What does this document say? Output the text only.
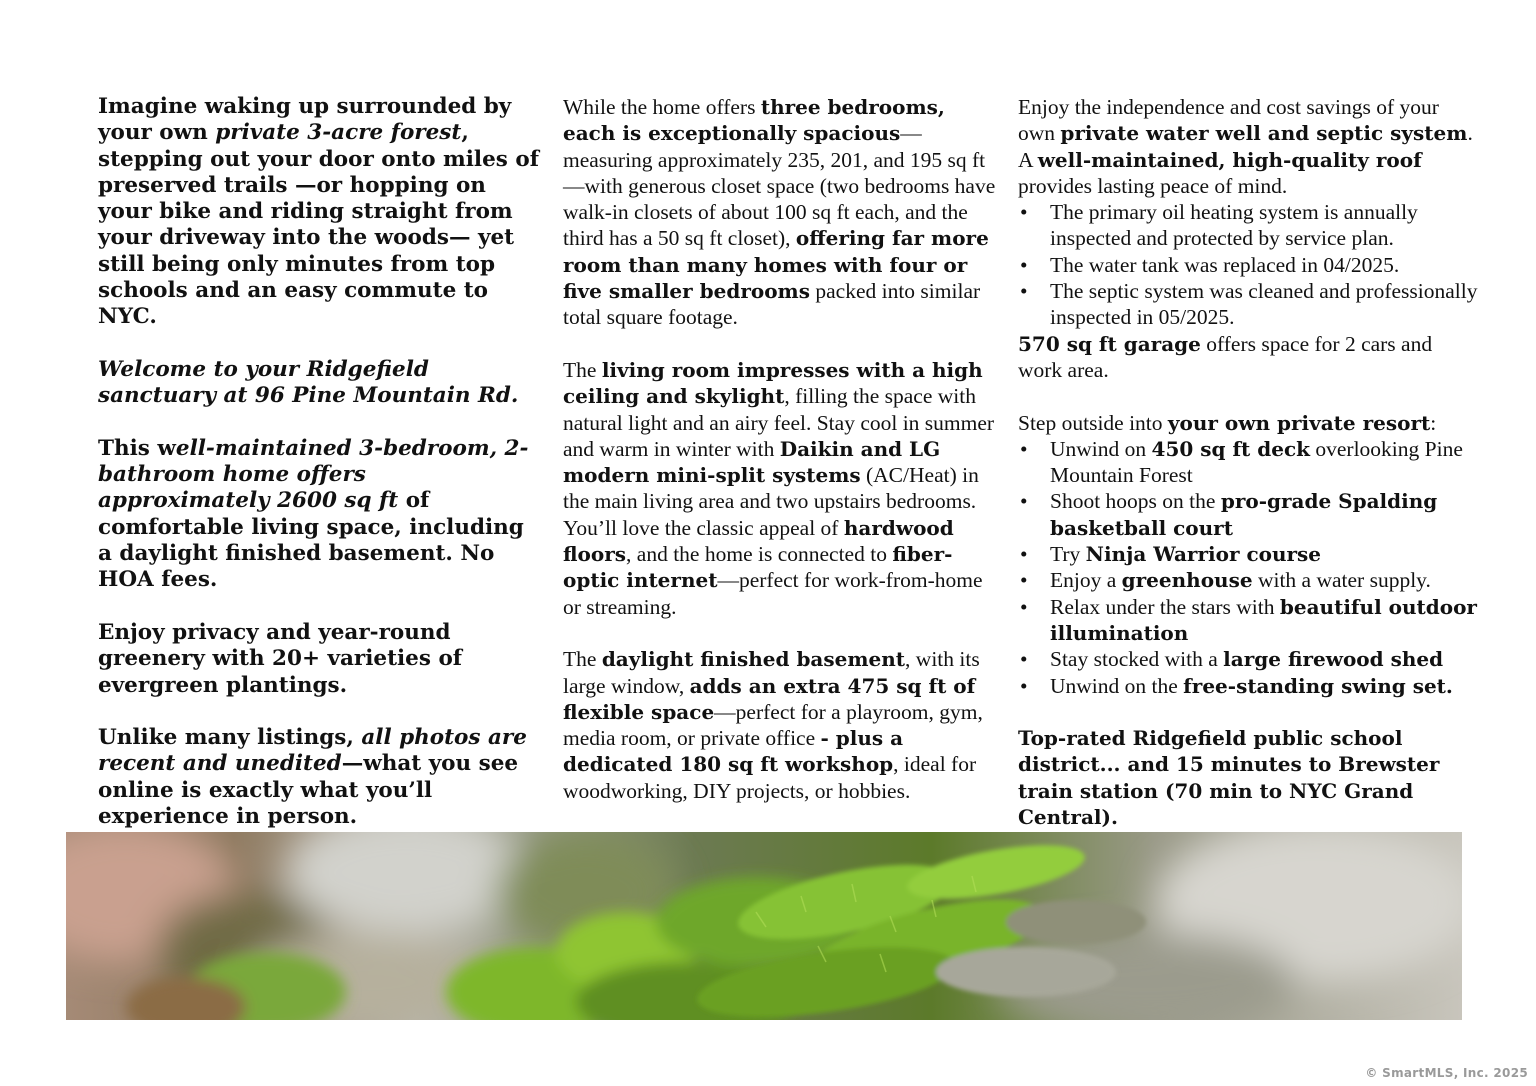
Imagine waking up surrounded by your own private 3-acre forest, stepping out your door onto miles of preserved trails —or hopping on your bike and riding straight from your driveway into the woods— yet still being only minutes from top schools and an easy commute to NYC.

Welcome to your Ridgefield sanctuary at 96 Pine Mountain Rd.

This well-maintained 3-bedroom, 2-bathroom home offers approximately 2600 sq ft of comfortable living space, including a daylight finished basement. No HOA fees.

Enjoy privacy and year-round greenery with 20+ varieties of evergreen plantings.

Unlike many listings, all photos are recent and unedited—what you see online is exactly what you’ll experience in person.

While the home offers three bedrooms, each is exceptionally spacious—measuring approximately 235, 201, and 195 sq ft—with generous closet space (two bedrooms have walk-in closets of about 100 sq ft each, and the third has a 50 sq ft closet), offering far more room than many homes with four or five smaller bedrooms packed into similar total square footage.

The living room impresses with a high ceiling and skylight, filling the space with natural light and an airy feel. Stay cool in summer and warm in winter with Daikin and LG modern mini-split systems (AC/Heat) in the main living area and two upstairs bedrooms. You’ll love the classic appeal of hardwood floors, and the home is connected to fiber-optic internet—perfect for work-from-home or streaming.

The daylight finished basement, with its large window, adds an extra 475 sq ft of flexible space—perfect for a playroom, gym, media room, or private office - plus a dedicated 180 sq ft workshop, ideal for woodworking, DIY projects, or hobbies.

Enjoy the independence and cost savings of your own private water well and septic system. A well-maintained, high-quality roof provides lasting peace of mind.

• The primary oil heating system is annually inspected and protected by service plan.
• The water tank was replaced in 04/2025.
• The septic system was cleaned and professionally inspected in 05/2025.

570 sq ft garage offers space for 2 cars and work area.

Step outside into your own private resort:

• Unwind on 450 sq ft deck overlooking Pine Mountain Forest
• Shoot hoops on the pro-grade Spalding basketball court
• Try Ninja Warrior course
• Enjoy a greenhouse with a water supply.
• Relax under the stars with beautiful outdoor illumination
• Stay stocked with a large firewood shed
• Unwind on the free-standing swing set.

Top-rated Ridgefield public school district... and 15 minutes to Brewster train station (70 min to NYC Grand Central).

© SmartMLS, Inc. 2025
